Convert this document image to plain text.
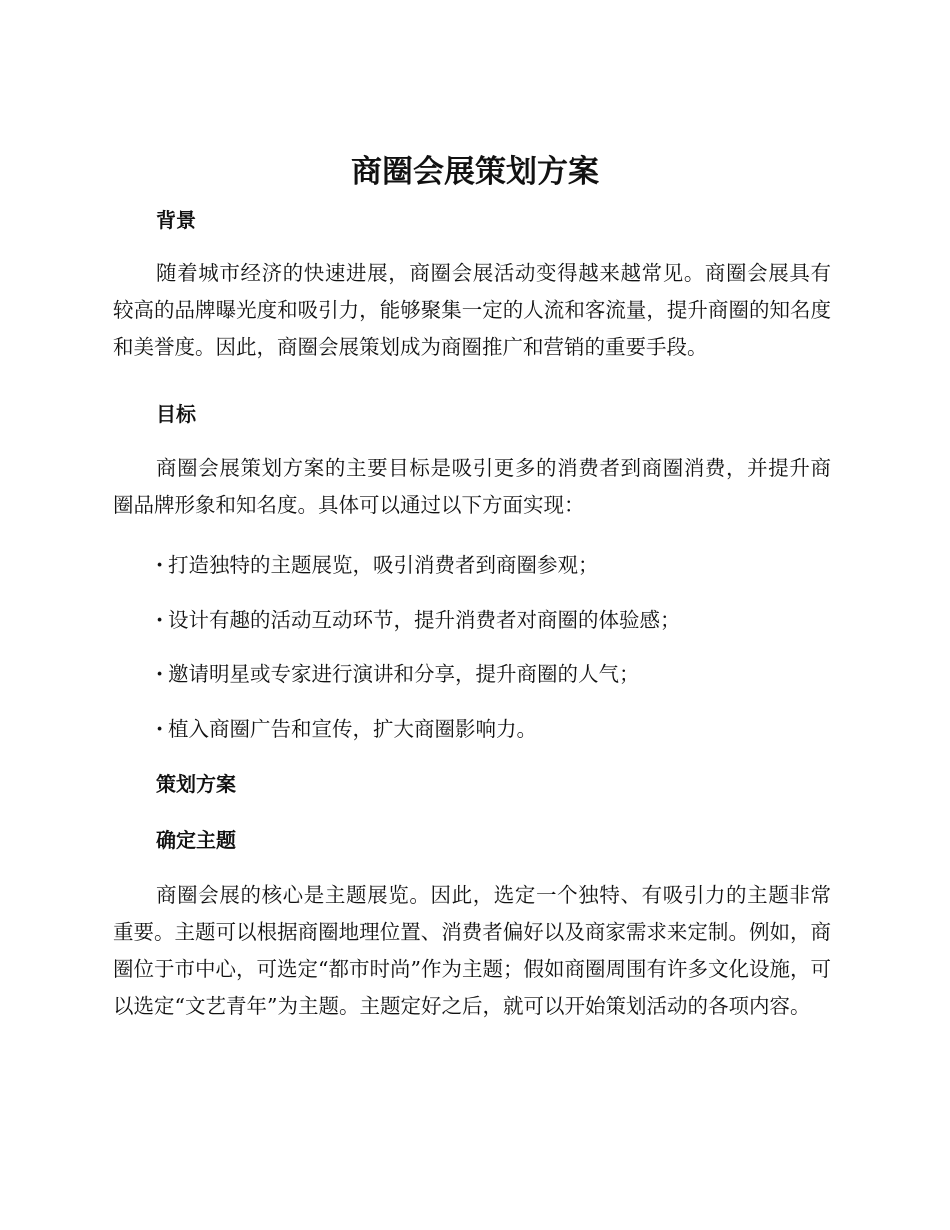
商圈会展策划方案
背景

随着城市经济的快速进展，商圈会展活动变得越来越常见。商圈会展具有较高的品牌曝光度和吸引力，能够聚集一定的人流和客流量，提升商圈的知名度和美誉度。因此，商圈会展策划成为商圈推广和营销的重要手段。

目标

商圈会展策划方案的主要目标是吸引更多的消费者到商圈消费，并提升商圈品牌形象和知名度。具体可以通过以下方面实现：

· 打造独特的主题展览，吸引消费者到商圈参观；
· 设计有趣的活动互动环节，提升消费者对商圈的体验感；
· 邀请明星或专家进行演讲和分享，提升商圈的人气；
· 植入商圈广告和宣传，扩大商圈影响力。
策划方案
确定主题

商圈会展的核心是主题展览。因此，选定一个独特、有吸引力的主题非常重要。主题可以根据商圈地理位置、消费者偏好以及商家需求来定制。例如，商圈位于市中心，可选定“都市时尚”作为主题；假如商圈周围有许多文化设施，可以选定“文艺青年”为主题。主题定好之后，就可以开始策划活动的各项内容。
